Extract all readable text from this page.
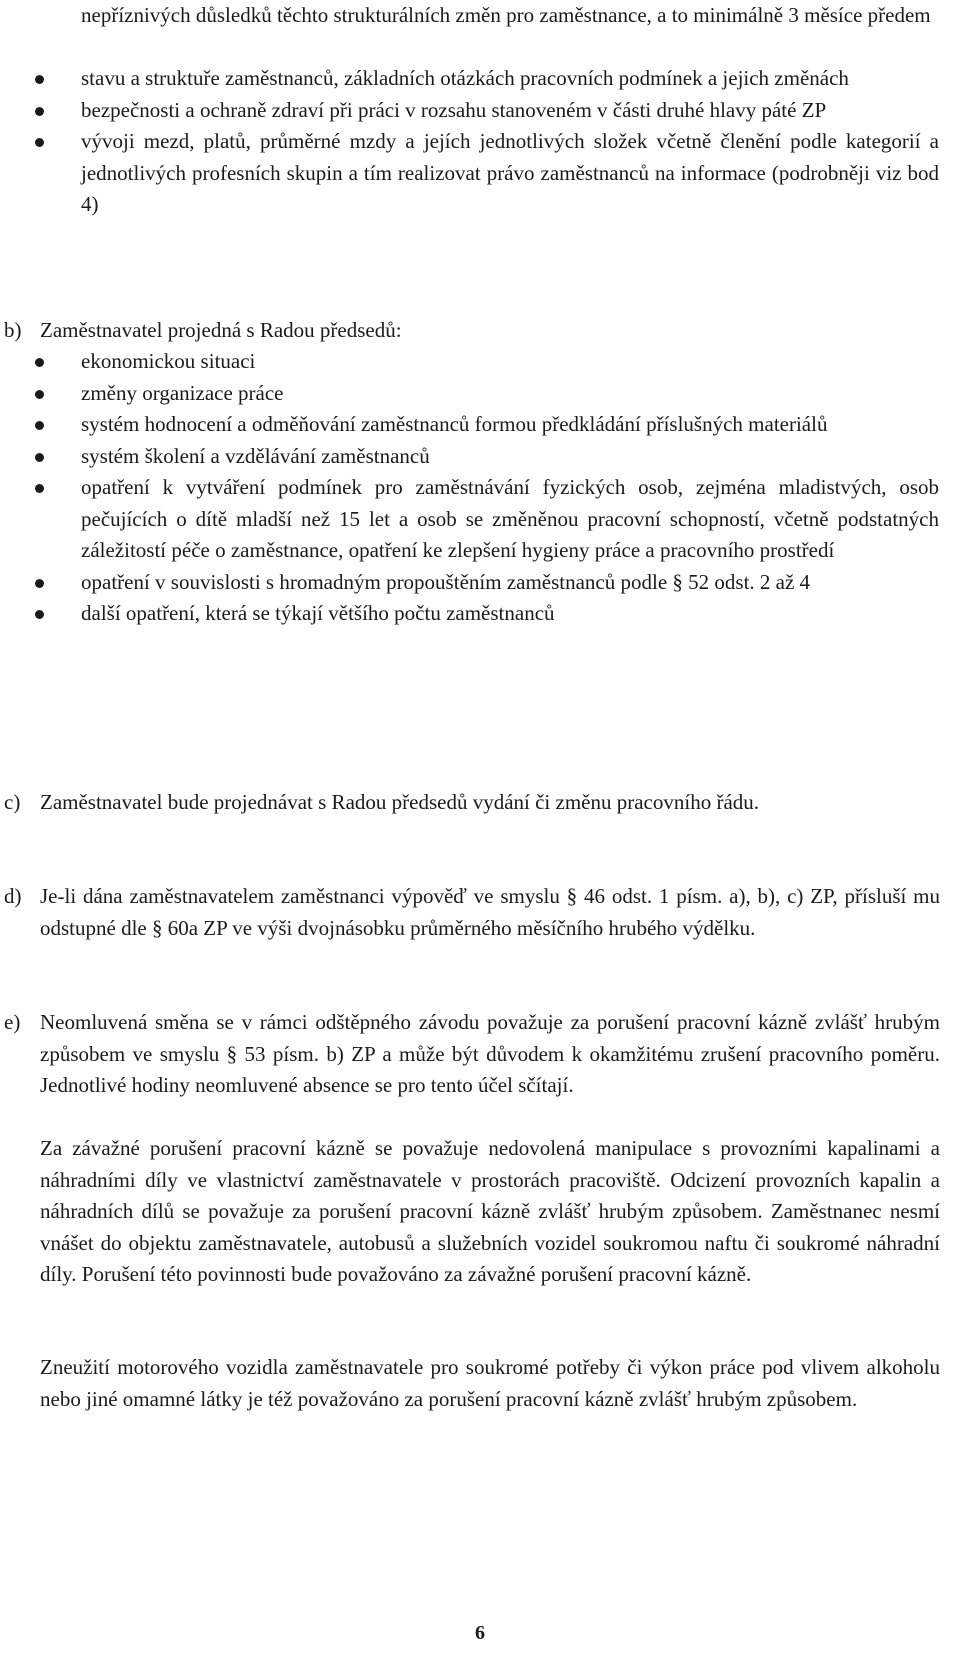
nepříznivých důsledků těchto strukturálních změn pro zaměstnance, a to minimálně 3 měsíce předem
stavu a struktuře zaměstnanců, základních otázkách pracovních podmínek a jejich změnách
bezpečnosti a ochraně zdraví při práci v rozsahu stanoveném v části druhé hlavy páté ZP
vývoji mezd, platů, průměrné mzdy a jejích jednotlivých složek včetně členění podle kategorií a jednotlivých profesních skupin a tím realizovat právo zaměstnanců na informace (podrobněji viz bod 4)
b) Zaměstnavatel projedná s Radou předsedů:
ekonomickou situaci
změny organizace práce
systém hodnocení a odměňování zaměstnanců formou předkládání příslušných materiálů
systém školení a vzdělávání zaměstnanců
opatření k vytváření podmínek pro zaměstnávání fyzických osob, zejména mladistvých, osob pečujících o dítě mladší než 15 let a osob se změněnou pracovní schopností, včetně podstatných záležitostí péče o zaměstnance, opatření ke zlepšení hygieny práce a pracovního prostředí
opatření v souvislosti s hromadným propouštěním zaměstnanců podle § 52 odst. 2 až 4
další opatření, která se týkají většího počtu zaměstnanců
c) Zaměstnavatel bude projednávat s Radou předsedů vydání či změnu pracovního řádu.
d) Je-li dána zaměstnavatelem zaměstnanci výpověď ve smyslu § 46 odst. 1 písm. a), b), c) ZP, přísluší mu odstupné dle § 60a ZP ve výši dvojnásobku průměrného měsíčního hrubého výdělku.
e) Neomluvená směna se v rámci odštěpného závodu považuje za porušení pracovní kázně zvlášť hrubým způsobem ve smyslu § 53 písm. b) ZP a může být důvodem k okamžitému zrušení pracovního poměru. Jednotlivé hodiny neomluvené absence se pro tento účel sčítají.
Za závažné porušení pracovní kázně se považuje nedovolená manipulace s provozními kapalinami a náhradními díly ve vlastnictví zaměstnavatele v prostorách pracoviště. Odcizení provozních kapalin a náhradních dílů se považuje za porušení pracovní kázně zvlášť hrubým způsobem. Zaměstnanec nesmí vnášet do objektu zaměstnavatele, autobusů a služebních vozidel soukromou naftu či soukromé náhradní díly. Porušení této povinnosti bude považováno za závažné porušení pracovní kázně.
Zneužití motorového vozidla zaměstnavatele pro soukromé potřeby či výkon práce pod vlivem alkoholu nebo jiné omamné látky je též považováno za porušení pracovní kázně zvlášť hrubým způsobem.
6
